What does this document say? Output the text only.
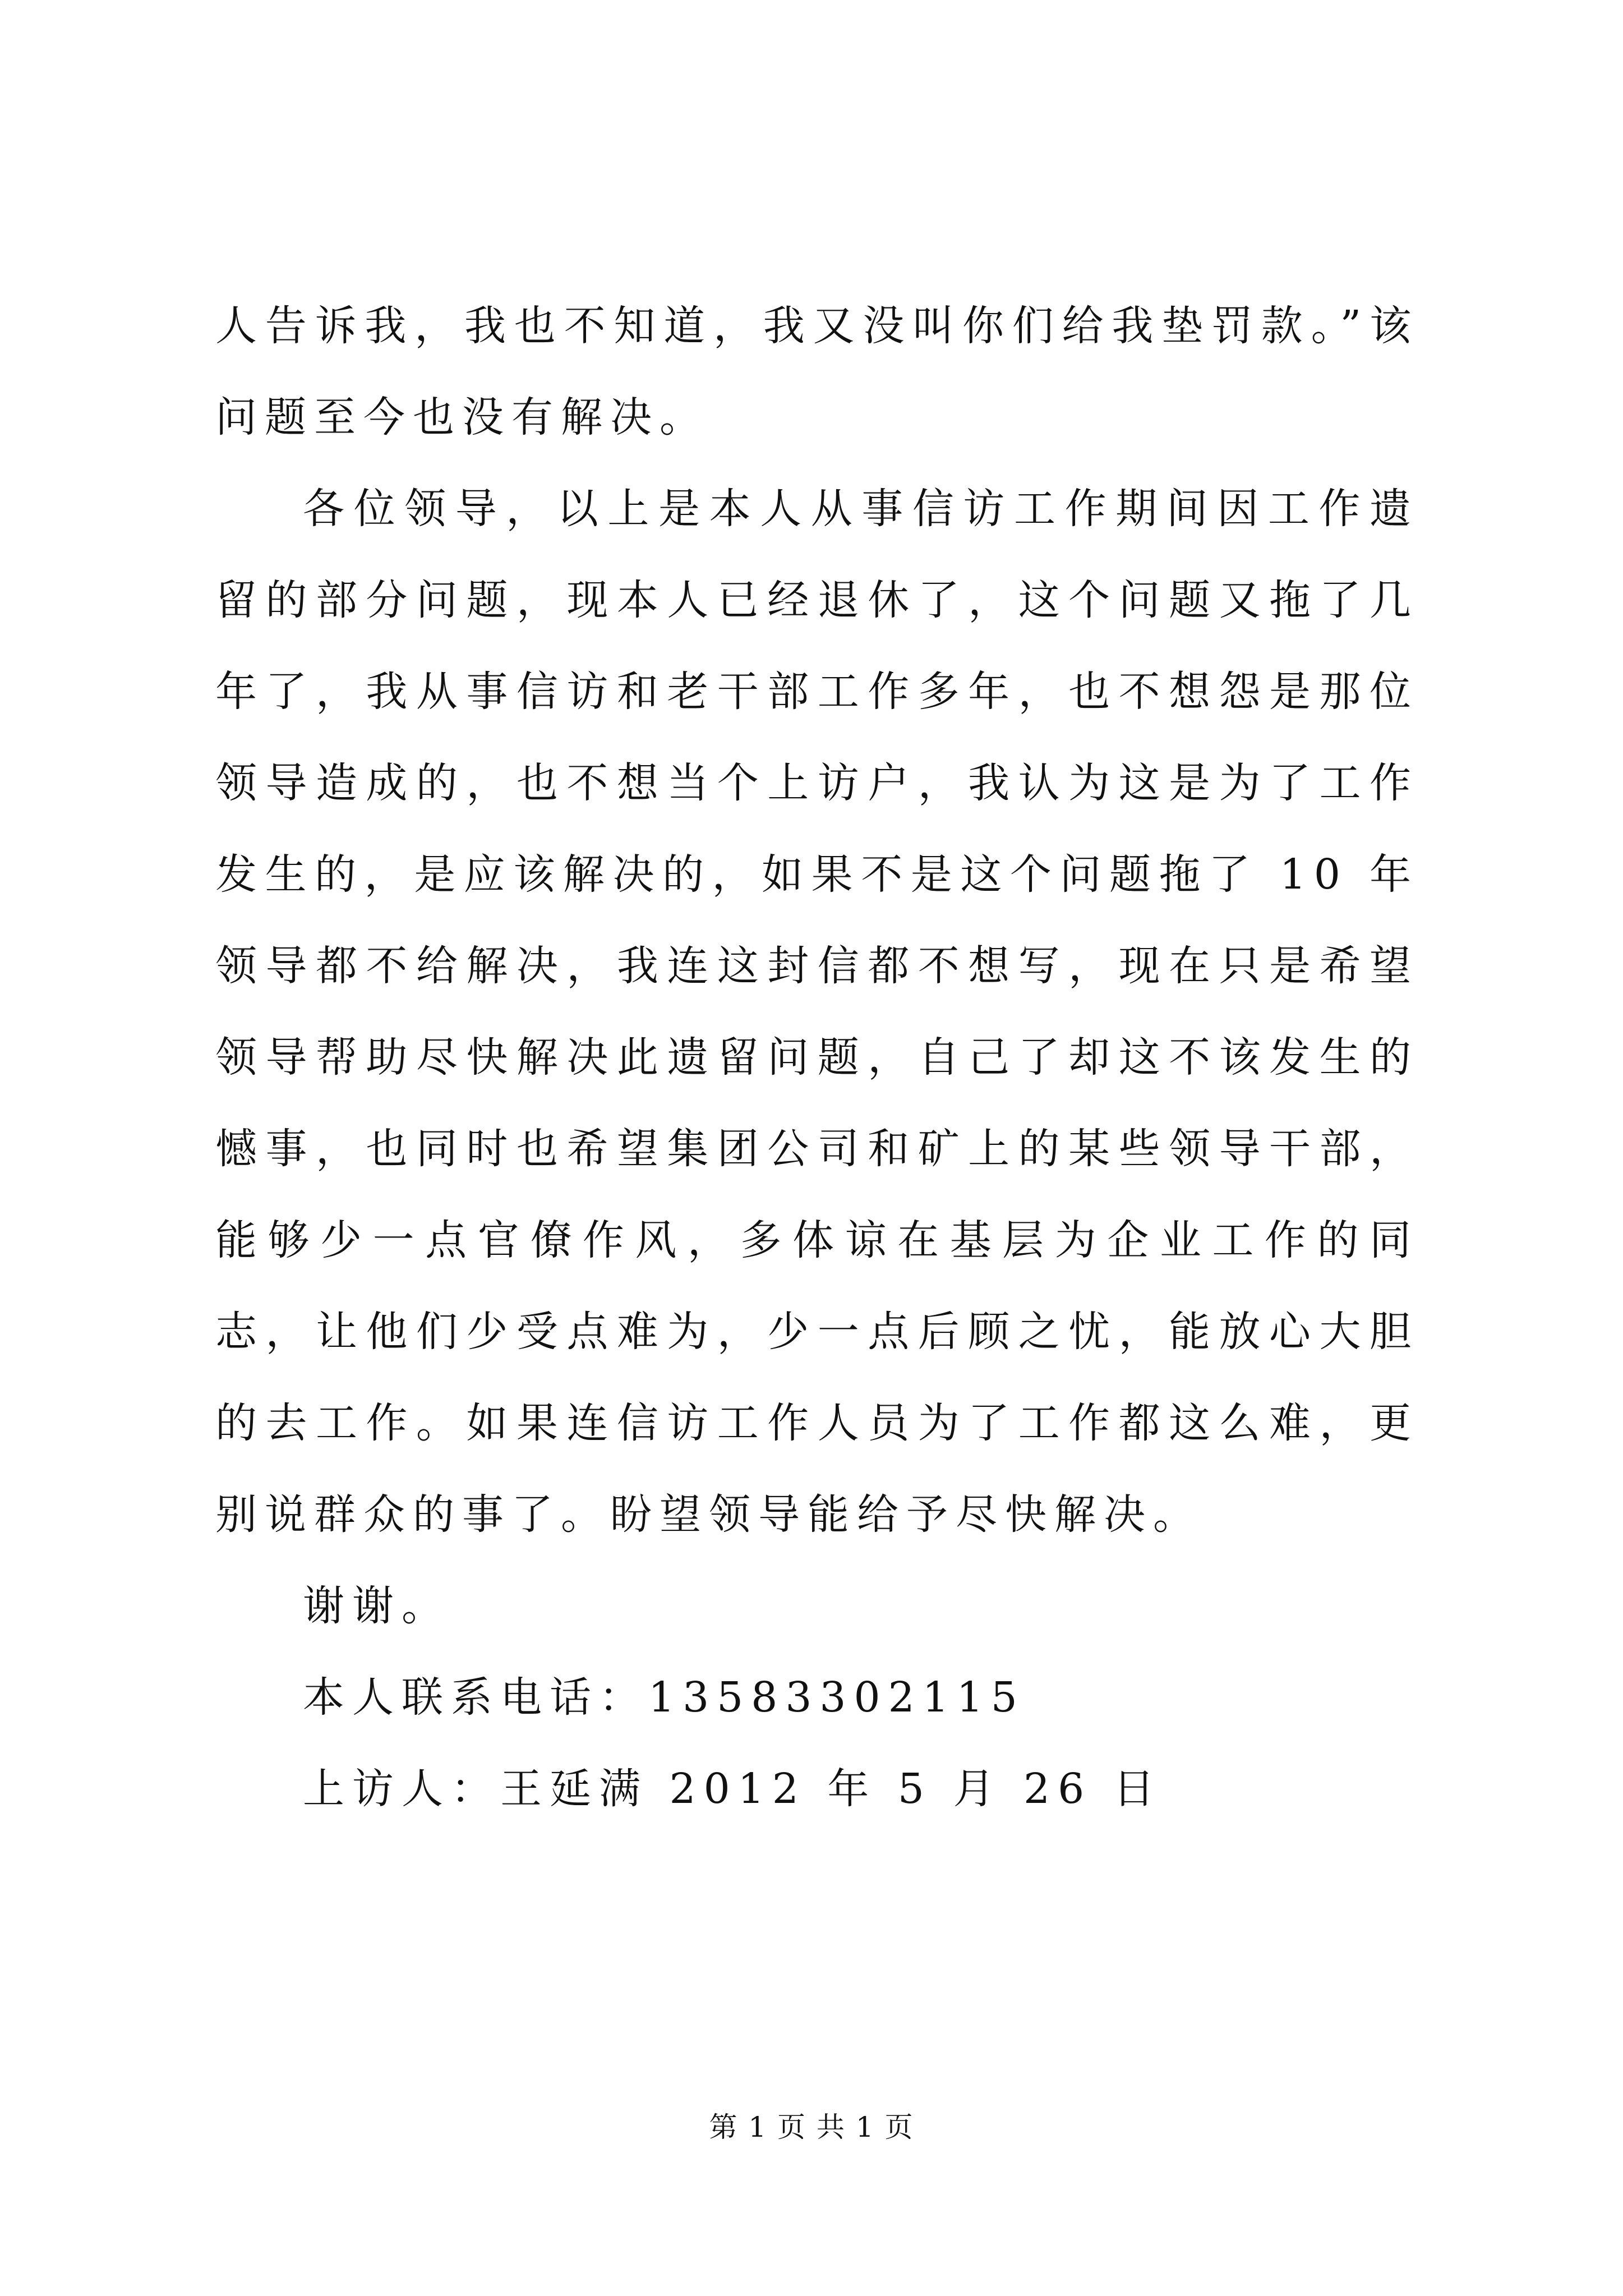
人告诉我，我也不知道，我又没叫你们给我垫罚款。”该问题至今也没有解决。

各位领导，以上是本人从事信访工作期间因工作遗留的部分问题，现本人已经退休了，这个问题又拖了几年了，我从事信访和老干部工作多年，也不想怨是那位领导造成的，也不想当个上访户，我认为这是为了工作发生的，是应该解决的，如果不是这个问题拖了 10 年领导都不给解决，我连这封信都不想写，现在只是希望领导帮助尽快解决此遗留问题，自己了却这不该发生的憾事，也同时也希望集团公司和矿上的某些领导干部，能够少一点官僚作风，多体谅在基层为企业工作的同志，让他们少受点难为，少一点后顾之忧，能放心大胆的去工作。如果连信访工作人员为了工作都这么难，更别说群众的事了。盼望领导能给予尽快解决。

谢谢。

本人联系电话：13583302115

上访人：王延满 2012 年 5 月 26 日

第 1 页 共 1 页
